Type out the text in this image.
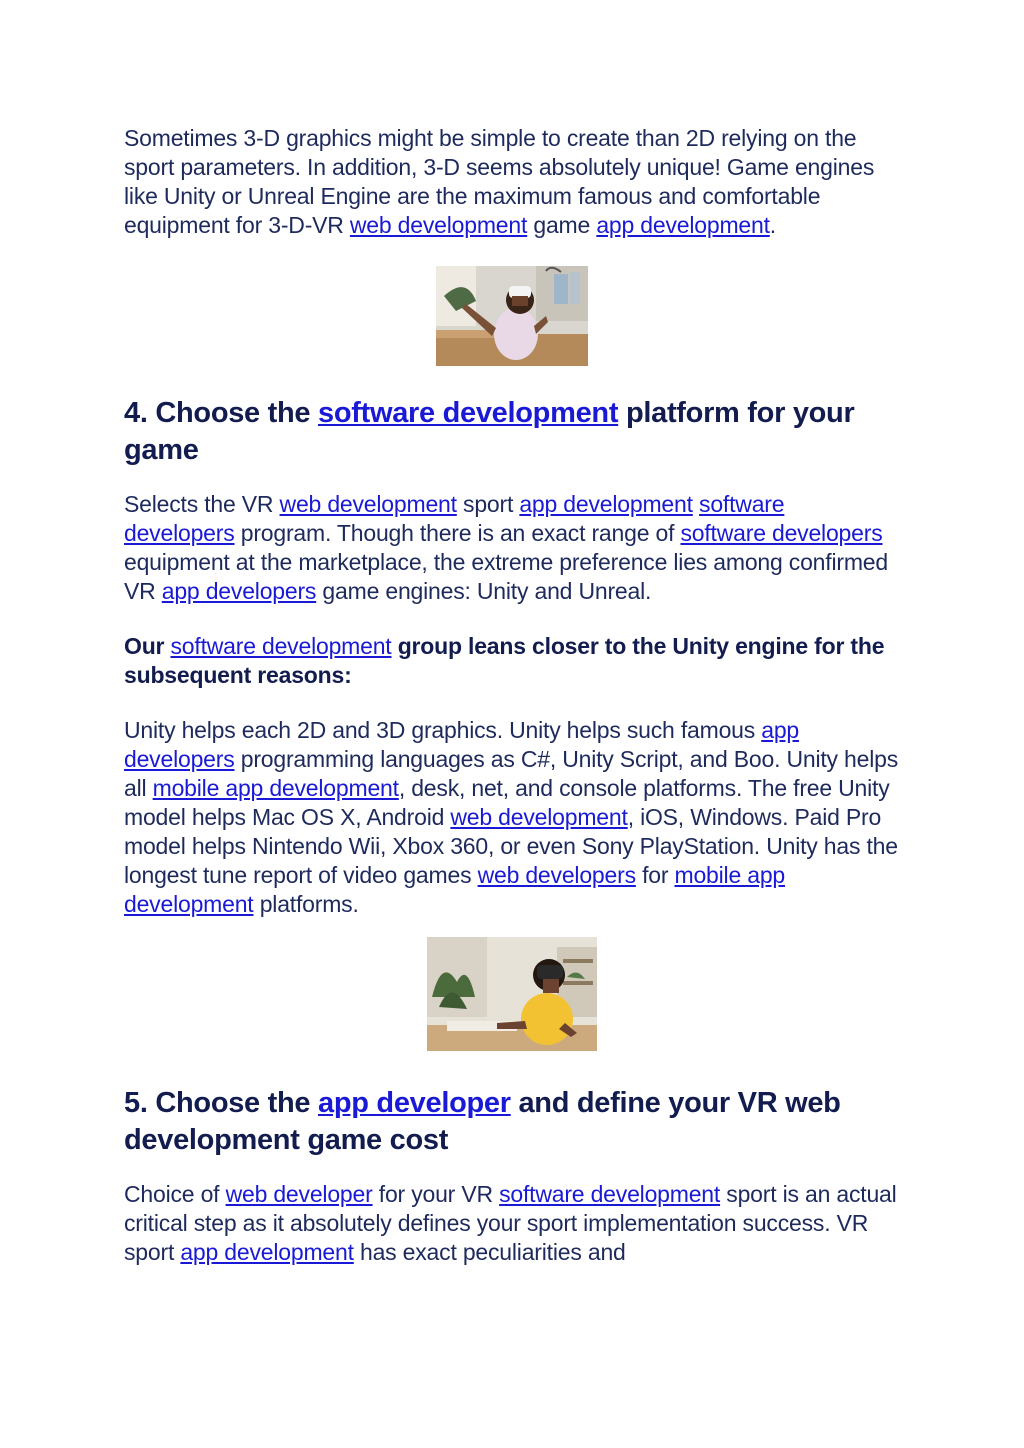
Sometimes 3-D graphics might be simple to create than 2D relying on the sport parameters. In addition, 3-D seems absolutely unique! Game engines like Unity or Unreal Engine are the maximum famous and comfortable equipment for 3-D-VR web development game app development.

4. Choose the software development platform for your game

Selects the VR web development sport app development software developers program. Though there is an exact range of software developers equipment at the marketplace, the extreme preference lies among confirmed VR app developers game engines: Unity and Unreal.

Our software development group leans closer to the Unity engine for the subsequent reasons:

Unity helps each 2D and 3D graphics. Unity helps such famous app developers programming languages as C#, Unity Script, and Boo. Unity helps all mobile app development, desk, net, and console platforms. The free Unity model helps Mac OS X, Android web development, iOS, Windows. Paid Pro model helps Nintendo Wii, Xbox 360, or even Sony PlayStation. Unity has the longest tune report of video games web developers for mobile app development platforms.

5. Choose the app developer and define your VR web development game cost

Choice of web developer for your VR software development sport is an actual critical step as it absolutely defines your sport implementation success. VR sport app development has exact peculiarities and
